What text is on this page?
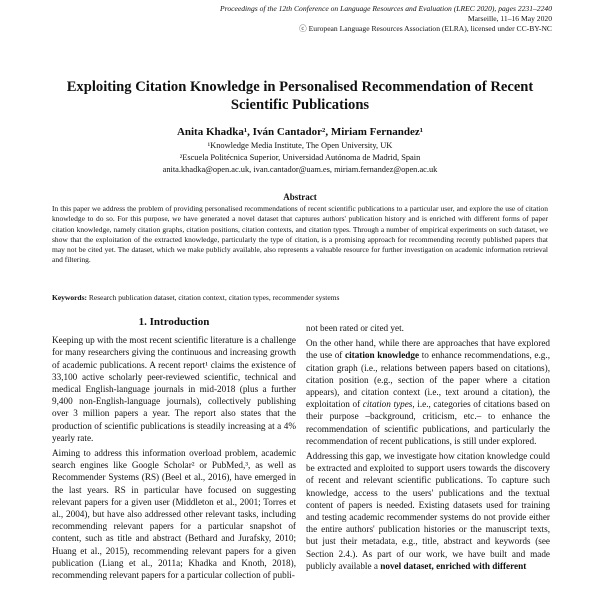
Proceedings of the 12th Conference on Language Resources and Evaluation (LREC 2020), pages 2231–2240
Marseille, 11–16 May 2020
ⓒ European Language Resources Association (ELRA), licensed under CC-BY-NC
Exploiting Citation Knowledge in Personalised Recommendation of Recent Scientific Publications
Anita Khadka¹, Iván Cantador², Miriam Fernandez¹
¹Knowledge Media Institute, The Open University, UK
²Escuela Politécnica Superior, Universidad Autónoma de Madrid, Spain
anita.khadka@open.ac.uk, ivan.cantador@uam.es, miriam.fernandez@open.ac.uk
Abstract
In this paper we address the problem of providing personalised recommendations of recent scientific publications to a particular user, and explore the use of citation knowledge to do so. For this purpose, we have generated a novel dataset that captures authors' publication history and is enriched with different forms of paper citation knowledge, namely citation graphs, citation positions, citation contexts, and citation types. Through a number of empirical experiments on such dataset, we show that the exploitation of the extracted knowledge, particularly the type of citation, is a promising approach for recommending recently published papers that may not be cited yet. The dataset, which we make publicly available, also represents a valuable resource for further investigation on academic information retrieval and filtering.
Keywords: Research publication dataset, citation context, citation types, recommender systems
1. Introduction

Keeping up with the most recent scientific literature is a challenge for many researchers giving the continuous and increasing growth of academic publications. A recent report¹ claims the existence of 33,100 active scholarly peer-reviewed scientific, technical and medical English-language journals in mid-2018 (plus a further 9,400 non-English-language journals), collectively publishing over 3 million papers a year. The report also states that the production of scientific publications is steadily increasing at a 4% yearly rate.

Aiming to address this information overload problem, academic search engines like Google Scholar² or PubMed,³, as well as Recommender Systems (RS) (Beel et al., 2016), have emerged in the last years. RS in particular have focused on suggesting relevant papers for a given user (Middleton et al., 2001; Torres et al., 2004), but have also addressed other relevant tasks, including recommending relevant papers for a particular snapshot of content, such as title and abstract (Bethard and Jurafsky, 2010; Huang et al., 2015), recommending relevant papers for a given publication (Liang et al., 2011a; Khadka and Knoth, 2018), recommending relevant papers for a particular collection of publi-

not been rated or cited yet.

On the other hand, while there are approaches that have explored the use of citation knowledge to enhance recommendations, e.g., citation graph (i.e., relations between papers based on citations), citation position (e.g., section of the paper where a citation appears), and citation context (i.e., text around a citation), the exploitation of citation types, i.e., categories of citations based on their purpose –background, criticism, etc.– to enhance the recommendation of scientific publications, and particularly the recommendation of recent publications, is still under explored.

Addressing this gap, we investigate how citation knowledge could be extracted and exploited to support users towards the discovery of recent and relevant scientific publications. To capture such knowledge, access to the users' publications and the textual content of papers is needed. Existing datasets used for training and testing academic recommender systems do not provide either the entire authors' publication histories or the manuscript texts, but just their metadata, e.g., title, abstract and keywords (see Section 2.4.). As part of our work, we have built and made publicly available a novel dataset, enriched with different
